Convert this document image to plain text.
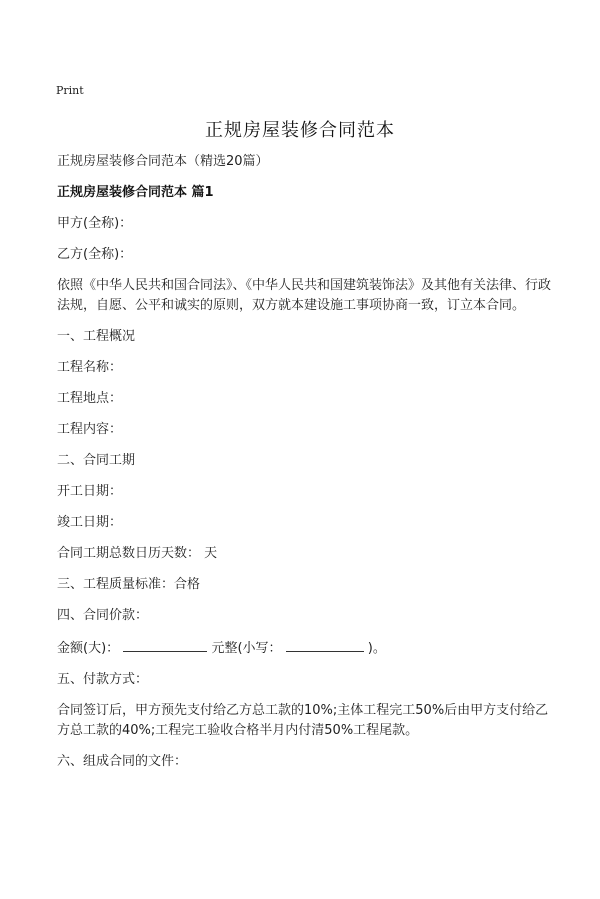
Print
正规房屋装修合同范本
正规房屋装修合同范本（精选20篇）
正规房屋装修合同范本 篇1
甲方(全称)：
乙方(全称)：
依照《中华人民共和国合同法》、《中华人民共和国建筑装饰法》及其他有关法律、行政法规，自愿、公平和诚实的原则，双方就本建设施工事项协商一致，订立本合同。
一、工程概况
工程名称：
工程地点：
工程内容：
二、合同工期
开工日期：
竣工日期：
合同工期总数日历天数： 天
三、工程质量标准：合格
四、合同价款：
金额(大)：	元整(小写：	)。
五、付款方式：
合同签订后，甲方预先支付给乙方总工款的10%;主体工程完工50%后由甲方支付给乙方总工款的40%;工程完工验收合格半月内付清50%工程尾款。
六、组成合同的文件：
